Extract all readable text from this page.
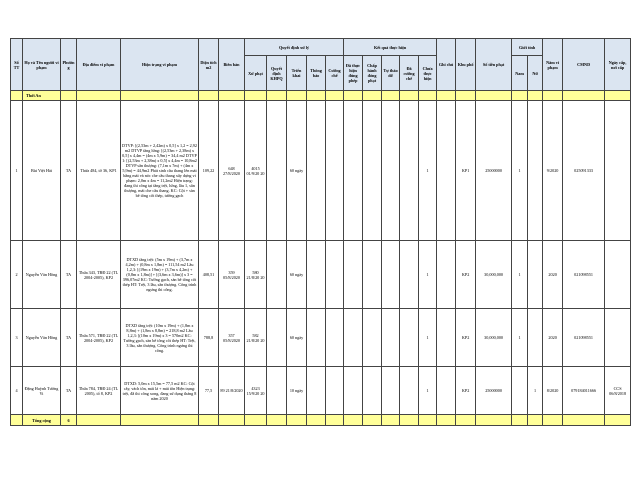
Số TT	Họ và Tên người vi phạm	Phường	Địa điểm vi phạm	Hiện trạng vi phạm	Diện tích m2	Biên bản	Quyết định xử lý					Kết quả thực hiện					Ghi chú	Khu phố	Số tiền phạt	Giới tính		Năm vi phạm	CMND	Ngày cấp, nơi cấp
							Xử phạt	Quyết định KHPQ	Triển khai	Thông báo	Cưỡng chế	Đã thực hiện đúng phép	Chấp hành đóng phạt	Tự tháo dỡ	Đã cưỡng chế	Chưa thực hiện				Nam	Nữ			
	Thới An																							
1	Bùi Việt Hải	TA	Thửa 484, tờ 36, KP1	DTVP: [(2,53m + 2,42m) x 0,5] x 1,2 = 2,92 m2 DTVP tầng lửng: [(2,53m + 2,38m) x 0,5] x 4,4m = (4m x 5,9m) = 34,4 m2 DTVP 1: [(2,53m + 2,38m) x 0,5] x 4,4m = 10,8m2 DTVP sân thượng: (7,1m x 7m) + (4m x 5,9m) = 44,9m2 Phát sinh cầu thang lên mái bằng mái và nóc che cầu thang xây dựng vi phạm: 2,0m x 4m = 11,2m2 Hiện trạng: đang thi công tại tầng trệt, lửng, lầu 1, sân thượng, mái che cầu thang. KC: Cột + sàn bê tông cốt thép, tường gạch	109,22	648 27/8/2020	4015 01/9/20 20		60 ngày							1		KP1	25000000	1		9/2020	025091333	
2	Nguyễn Văn Hồng	TA	Thửa 343, TBĐ 22 (TL 2004-2005), KP2	DTXD tầng trệt: (5m x 19m) + (3,7m x 4,2m) + (0,8m x 1,8m) = 111,54 m2 Lầu 1,2,3: [(19m x 19m) + (3,7m x 4,2m) + (0,8m x 1,8m)] + [(3,6m x 3,6m)] x 3 = 396,07m2 KC: Tường gạch, sàn bê tông cốt thép HT: Trệt, 3 lầu, sân thượng. Công trình ngưng thi công.	408,51	359 05/8/2020	580 21/8/20 20		60 ngày							1		KP2	30,000,000	1		2020	021098551	
3	Nguyễn Văn Hồng	TA	Thửa 571, TBĐ 22 (TL 2004-2005), KP2	DTXD tầng trệt: (10m x 19m) + (1,8m x 8,8m) + (1,8m x 8,8m) = 218,8 m2 Lầu 1,2,3: [(10m x 19m) x 3 = 570m2 KC: Tường gạch, sàn bê tông cốt thép HT: Trệt, 3 lầu, sân thượng. Công trình ngưng thi công.	788,8	357 05/8/2020	582 21/8/20 20		60 ngày							1		KP2	30,000,000	1		2020	021098551	
4	Đặng Huỳnh Tường Vi	TA	Thửa 784, TBĐ 24 (TL 2005), tổ 8, KP2	DTXD: 5,0m x 15,5m = 77,5 m2 KC: Cột cây, vách tôn, mái lá + mái tôn Hiện trạng: trệt, đã thi công xong, đang sử dụng tháng 8 năm 2020	77,5	89 21/8/2020	4323 15/9/20 20		10 ngày							1		KP2	25000000		1	8/2020	079184011666	CCS 06/8/2018
	Tổng cộng	6																						
